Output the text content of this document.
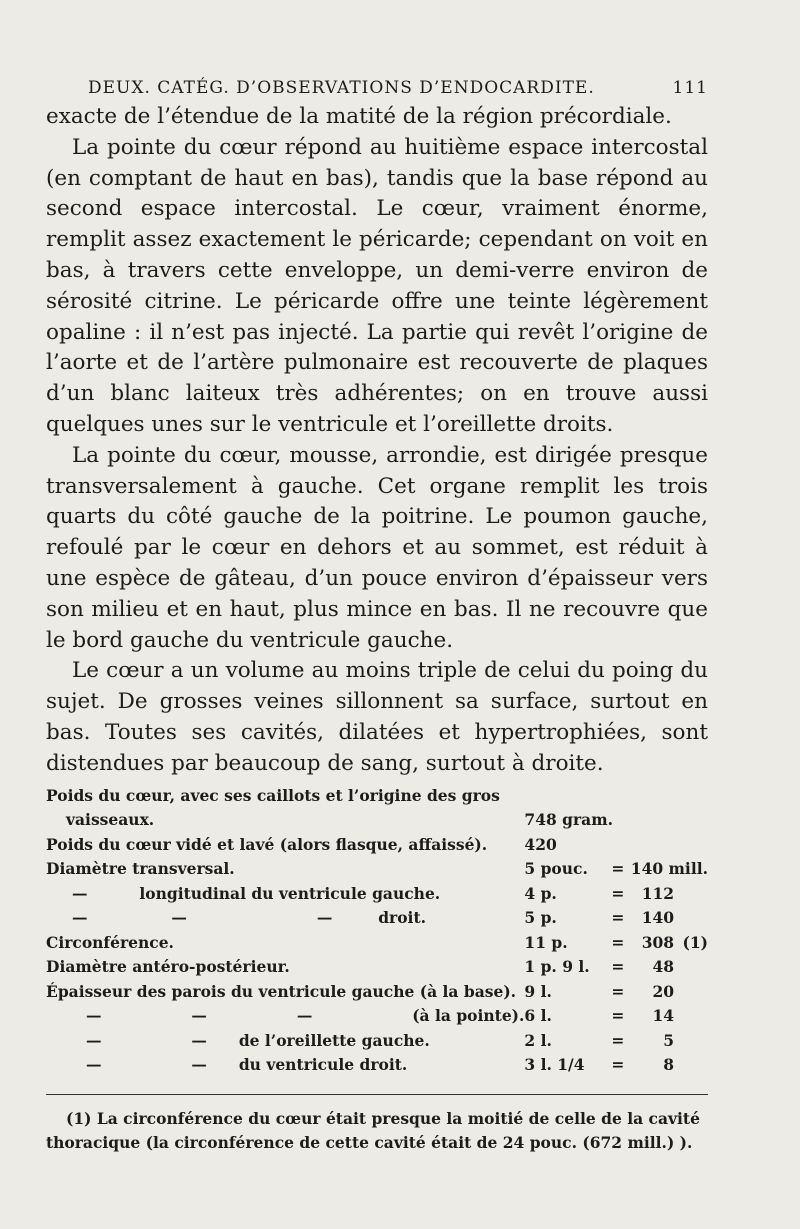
DEUX. CATÉG. D’OBSERVATIONS D’ENDOCARDITE.	111

exacte de l’étendue de la matité de la région précordiale.

La pointe du cœur répond au huitième espace intercostal (en comptant de haut en bas), tandis que la base répond au second espace intercostal. Le cœur, vraiment énorme, remplit assez exactement le péricarde; cependant on voit en bas, à travers cette enveloppe, un demi-verre environ de sérosité citrine. Le péricarde offre une teinte légèrement opaline : il n’est pas injecté. La partie qui revêt l’origine de l’aorte et de l’artère pulmonaire est recouverte de plaques d’un blanc laiteux très adhérentes; on en trouve aussi quelques unes sur le ventricule et l’oreillette droits.

La pointe du cœur, mousse, arrondie, est dirigée presque transversalement à gauche. Cet organe remplit les trois quarts du côté gauche de la poitrine. Le poumon gauche, refoulé par le cœur en dehors et au sommet, est réduit à une espèce de gâteau, d’un pouce environ d’épaisseur vers son milieu et en haut, plus mince en bas. Il ne recouvre que le bord gauche du ventricule gauche.

Le cœur a un volume au moins triple de celui du poing du sujet. De grosses veines sillonnent sa surface, surtout en bas. Toutes ses cavités, dilatées et hypertrophiées, sont distendues par beaucoup de sang, surtout à droite.

Poids du cœur, avec ses caillots et l’origine des gros				
vaisseaux.	748 gram.			
Poids du cœur vidé et lavé (alors flasque, affaissé).	420			
Diamètre transversal.	5 pouc.	=	140 mill.	
— longitudinal du ventricule gauche.	4 p.	=	112	
— — — droit.	5 p.	=	140	
Circonférence.	11 p.	=	308	(1)
Diamètre antéro-postérieur.	1 p. 9 l.	=	48	
Épaisseur des parois du ventricule gauche (à la base).	9 l.	=	20	
— — — (à la pointe).	6 l.	=	14	
— — de l’oreillette gauche.	2 l.	=	5	
— — du ventricule droit.	3 l. 1/4	=	8	
(1) La circonférence du cœur était presque la moitié de celle de la cavité
thoracique (la circonférence de cette cavité était de 24 pouc. (672 mill.) ).
